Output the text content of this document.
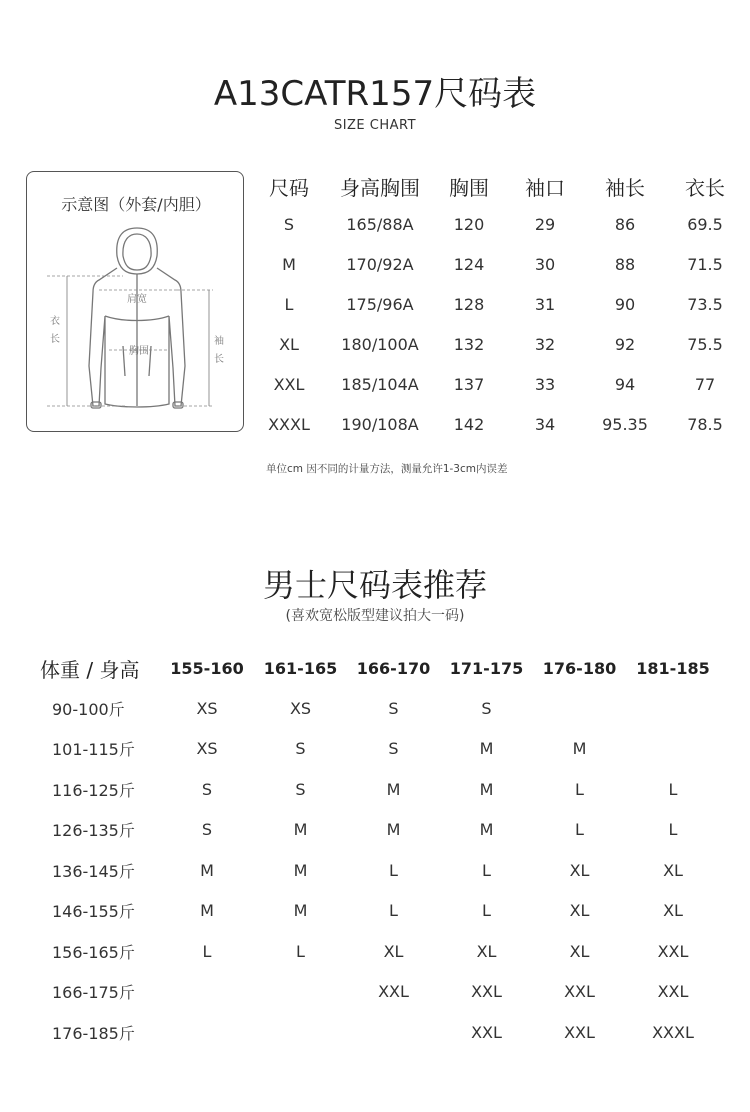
A13CATR157尺码表
SIZE CHART
示意图（外套/内胆）
肩宽
胸围
衣
长	袖
长
尺码	身高胸围	胸围	袖口	袖长	衣长
S	165/88A	120	29	86	69.5
M	170/92A	124	30	88	71.5
L	175/96A	128	31	90	73.5
XL	180/100A	132	32	92	75.5
XXL	185/104A	137	33	94	77
XXXL	190/108A	142	34	95.35	78.5
单位cm 因不同的计量方法，测量允许1-3cm内误差
男士尺码表推荐
(喜欢宽松版型建议拍大一码)
体重 / 身高	155-160	161-165	166-170	171-175	176-180	181-185
90-100斤	XS	XS	S	S		
101-115斤	XS	S	S	M	M	
116-125斤	S	S	M	M	L	L
126-135斤	S	M	M	M	L	L
136-145斤	M	M	L	L	XL	XL
146-155斤	M	M	L	L	XL	XL
156-165斤	L	L	XL	XL	XL	XXL
166-175斤			XXL	XXL	XXL	XXL
176-185斤				XXL	XXL	XXXL
